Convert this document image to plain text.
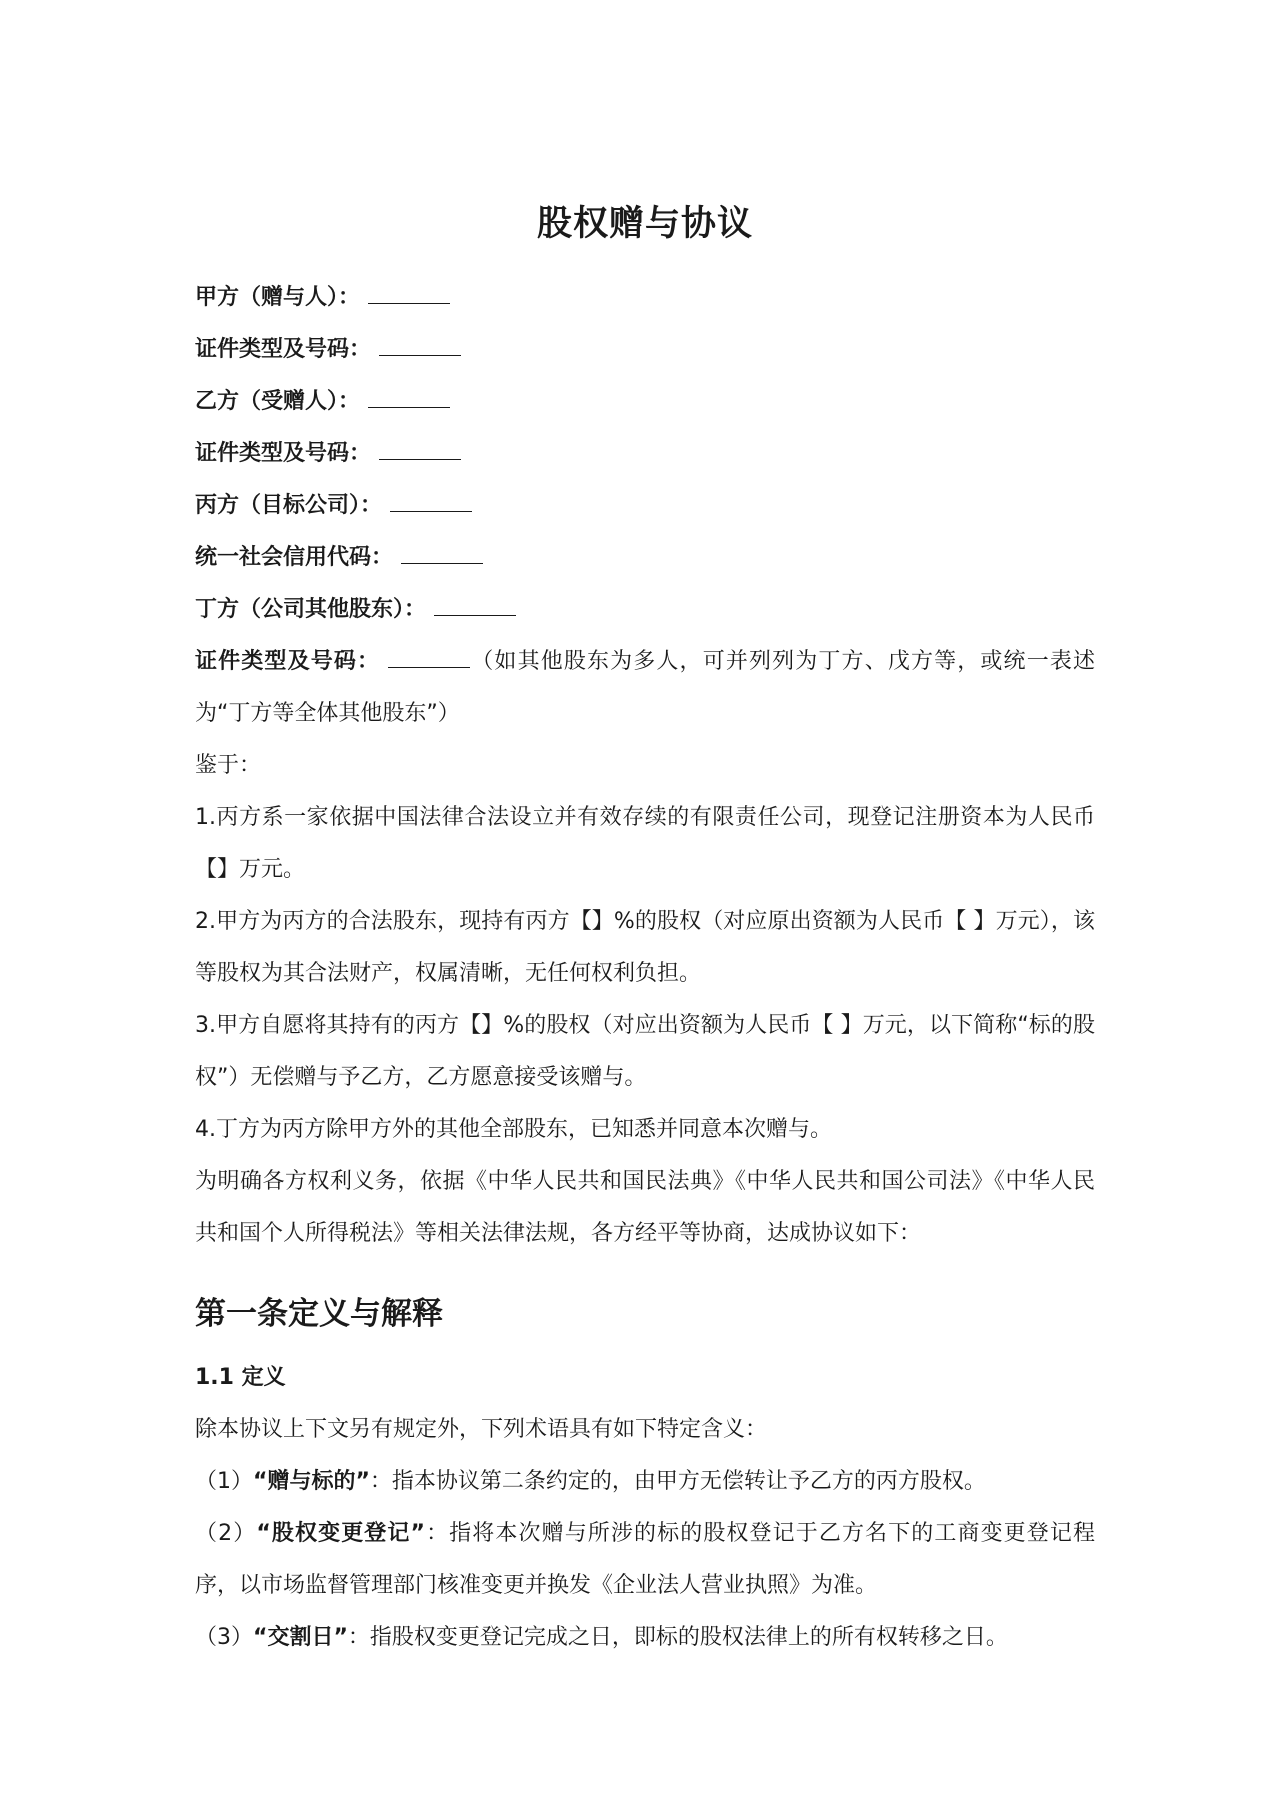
股权赠与协议
甲方（赠与人）：
证件类型及号码：
乙方（受赠人）：
证件类型及号码：
丙方（目标公司）：
统一社会信用代码：
丁方（公司其他股东）：

证件类型及号码：	（如其他股东为多人，可并列列为丁方、戊方等，或统一表述为“丁方等全体其他股东”）

鉴于：

1.丙方系一家依据中国法律合法设立并有效存续的有限责任公司，现登记注册资本为人民币【】万元。

2.甲方为丙方的合法股东，现持有丙方【】%的股权（对应原出资额为人民币【 】万元），该等股权为其合法财产，权属清晰，无任何权利负担。

3.甲方自愿将其持有的丙方【】%的股权（对应出资额为人民币【 】万元，以下简称“标的股权”）无偿赠与予乙方，乙方愿意接受该赠与。

4.丁方为丙方除甲方外的其他全部股东，已知悉并同意本次赠与。

为明确各方权利义务，依据《中华人民共和国民法典》《中华人民共和国公司法》《中华人民共和国个人所得税法》等相关法律法规，各方经平等协商，达成协议如下：

第一条定义与解释
1.1 定义

除本协议上下文另有规定外，下列术语具有如下特定含义：

（1）“赠与标的”：指本协议第二条约定的，由甲方无偿转让予乙方的丙方股权。

（2）“股权变更登记”：指将本次赠与所涉的标的股权登记于乙方名下的工商变更登记程序，以市场监督管理部门核准变更并换发《企业法人营业执照》为准。

（3）“交割日”：指股权变更登记完成之日，即标的股权法律上的所有权转移之日。
